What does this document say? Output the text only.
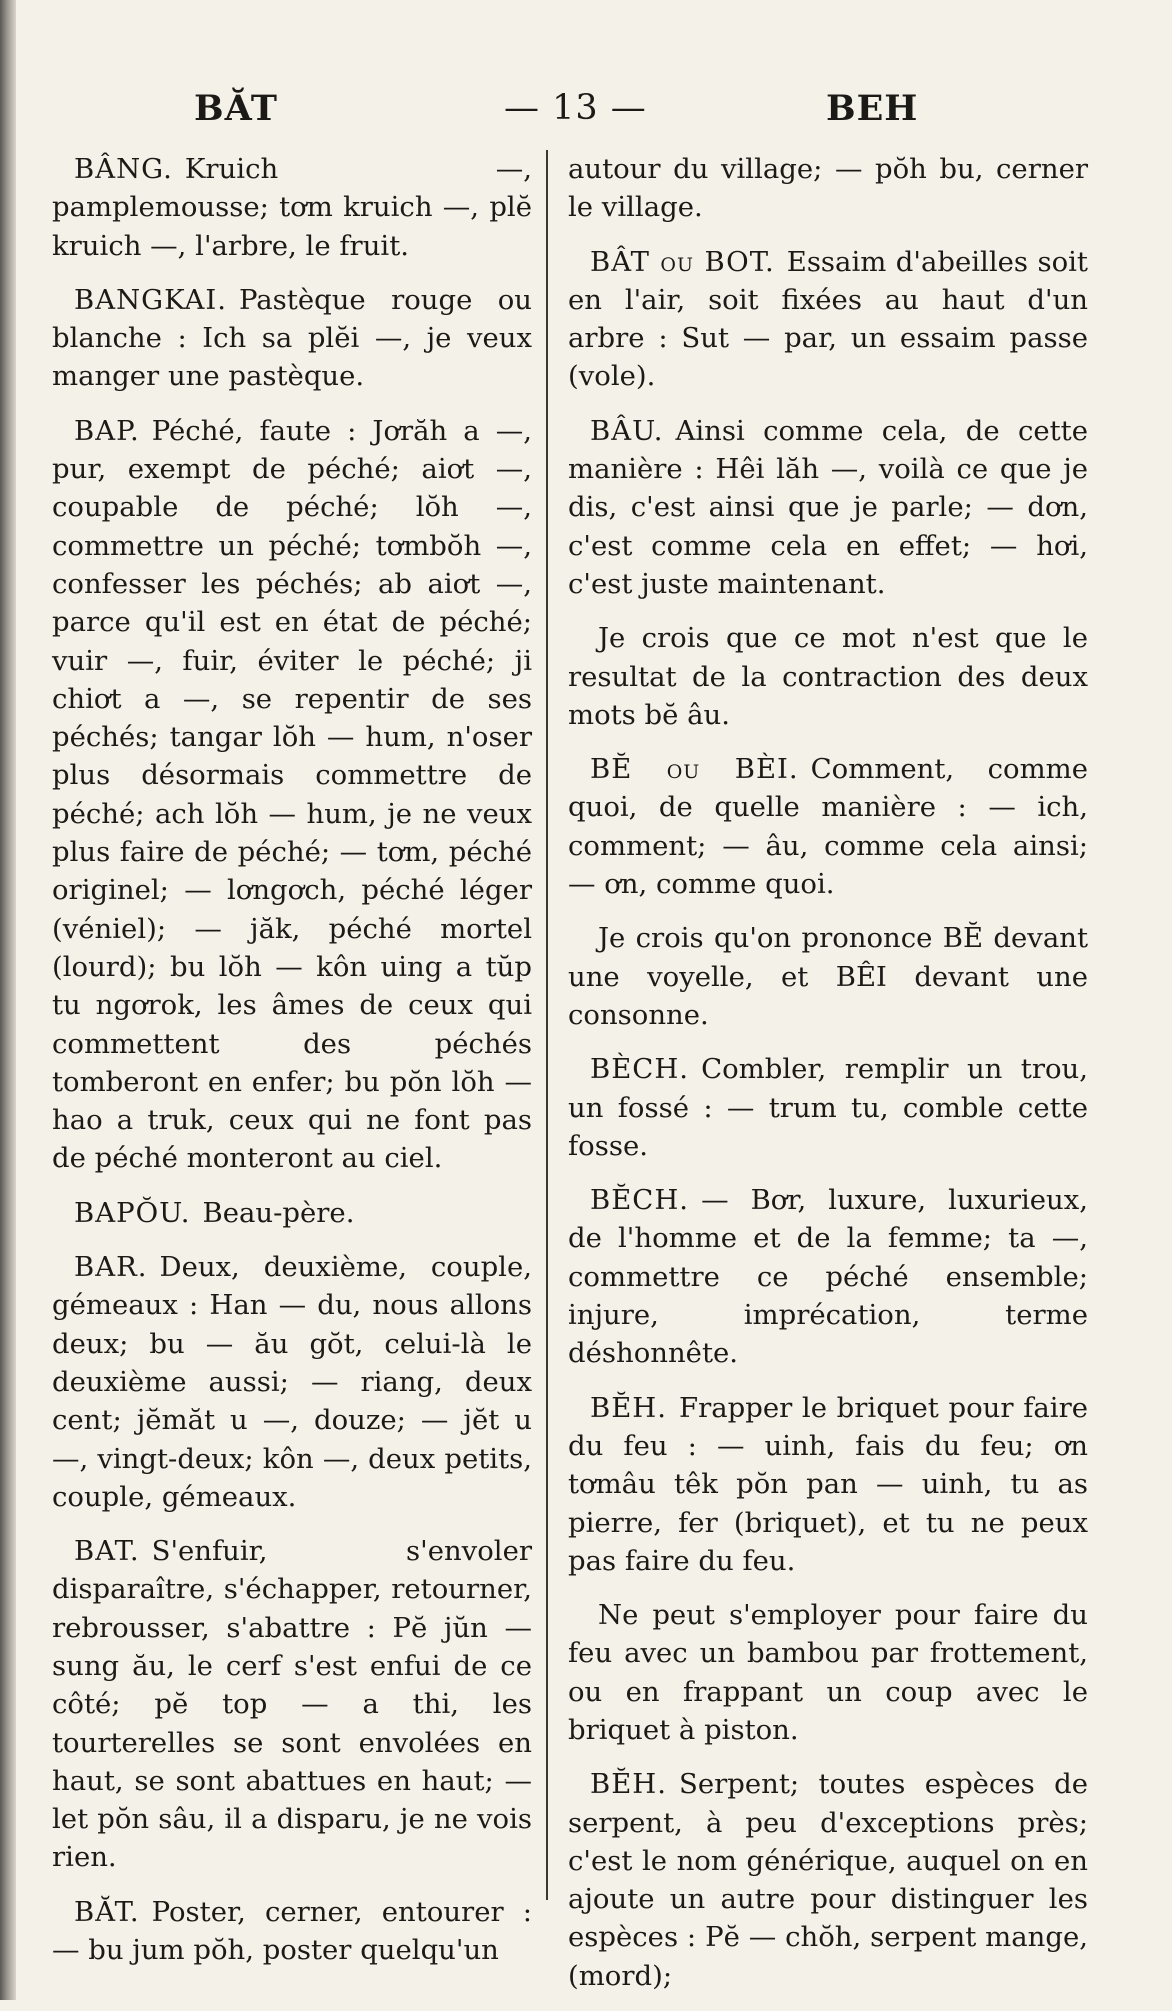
BĂT	— 13 —	BEH

BÂNG. Kruich —, pamplemousse; tơm kruich —, plĕ kruich —, l'arbre, le fruit.

BANGKAI. Pastèque rouge ou blanche : Ich sa plĕi —, je veux manger une pastèque.

BAP. Péché, faute : Jơrăh a —, pur, exempt de péché; aiơt —, coupable de péché; lŏh —, commettre un péché; tơmbŏh —, confesser les péchés; ab aiơt —, parce qu'il est en état de péché; vuir —, fuir, éviter le péché; ji chiơt a —, se repentir de ses péchés; tangar lŏh — hum, n'oser plus désormais commettre de péché; ach lŏh — hum, je ne veux plus faire de péché; — tơm, péché originel; — lơngơch, péché léger (véniel); — jăk, péché mortel (lourd); bu lŏh — kôn uing a tŭp tu ngơrok, les âmes de ceux qui commettent des péchés tomberont en enfer; bu pŏn lŏh — hao a truk, ceux qui ne font pas de péché monteront au ciel.

BAPŎU. Beau-père.

BAR. Deux, deuxième, couple, gémeaux : Han — du, nous allons deux; bu — ău gŏt, celui-là le deuxième aussi; — riang, deux cent; jĕmăt u —, douze; — jĕt u —, vingt-deux; kôn —, deux petits, couple, gémeaux.

BAT. S'enfuir, s'envoler disparaître, s'échapper, retourner, rebrousser, s'abattre : Pĕ jŭn — sung ău, le cerf s'est enfui de ce côté; pĕ top — a thi, les tourterelles se sont envolées en haut, se sont abattues en haut; — let pŏn sâu, il a disparu, je ne vois rien.

BĂT. Poster, cerner, entourer : — bu jum pŏh, poster quelqu'un

autour du village; — pŏh bu, cerner le village.

BÂT ou BOT. Essaim d'abeilles soit en l'air, soit fixées au haut d'un arbre : Sut — par, un essaim passe (vole).

BÂU. Ainsi comme cela, de cette manière : Hêi lăh —, voilà ce que je dis, c'est ainsi que je parle; — dơn, c'est comme cela en effet; — hơi, c'est juste maintenant.

Je crois que ce mot n'est que le resultat de la contraction des deux mots bĕ âu.

BĔ ou BÈI. Comment, comme quoi, de quelle manière : — ich, comment; — âu, comme cela ainsi; — ơn, comme quoi.

Je crois qu'on prononce BĔ devant une voyelle, et BÊI devant une consonne.

BÈCH. Combler, remplir un trou, un fossé : — trum tu, comble cette fosse.

BĔCH. — Bơr, luxure, luxurieux, de l'homme et de la femme; ta —, commettre ce péché ensemble; injure, imprécation, terme déshonnête.

BĔH. Frapper le briquet pour faire du feu : — uinh, fais du feu; ơn tơmâu têk pŏn pan — uinh, tu as pierre, fer (briquet), et tu ne peux pas faire du feu.

Ne peut s'employer pour faire du feu avec un bambou par frottement, ou en frappant un coup avec le briquet à piston.

BĔH. Serpent; toutes espèces de serpent, à peu d'exceptions près; c'est le nom générique, auquel on en ajoute un autre pour distinguer les espèces : Pĕ — chŏh, serpent mange, (mord);
